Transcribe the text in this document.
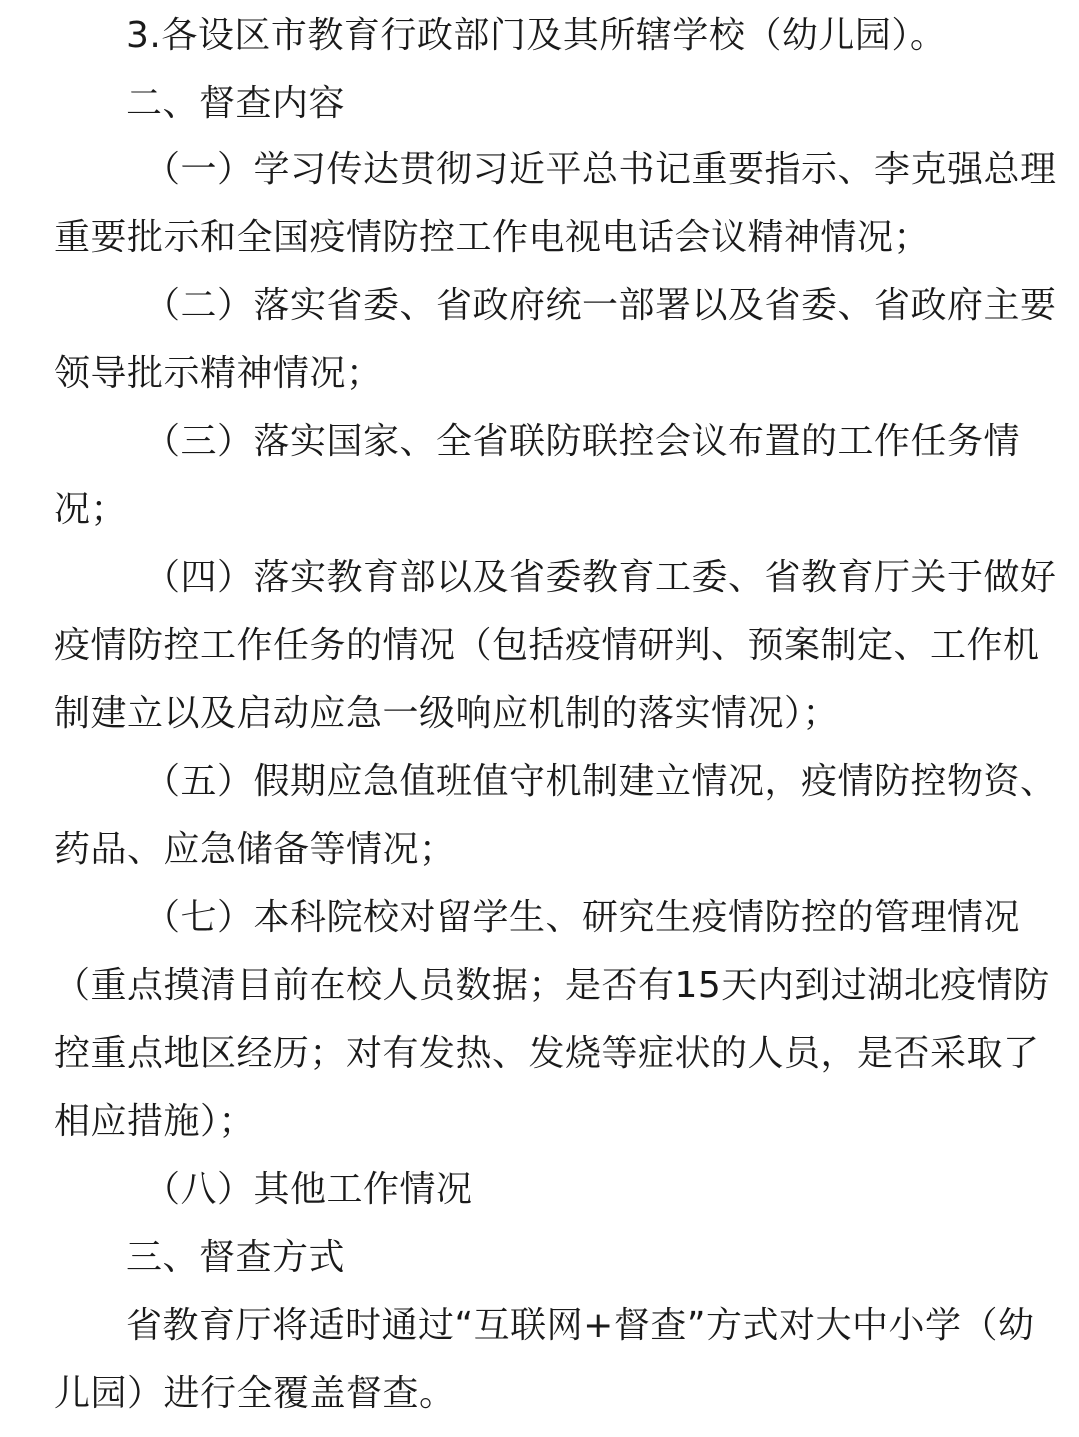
3.各设区市教育行政部门及其所辖学校（幼儿园）。
二、督查内容
（一）学习传达贯彻习近平总书记重要指示、李克强总理
重要批示和全国疫情防控工作电视电话会议精神情况；
（二）落实省委、省政府统一部署以及省委、省政府主要
领导批示精神情况；
（三）落实国家、全省联防联控会议布置的工作任务情
况；
（四）落实教育部以及省委教育工委、省教育厅关于做好
疫情防控工作任务的情况（包括疫情研判、预案制定、工作机
制建立以及启动应急一级响应机制的落实情况）；
（五）假期应急值班值守机制建立情况，疫情防控物资、
药品、应急储备等情况；
（七）本科院校对留学生、研究生疫情防控的管理情况
（重点摸清目前在校人员数据；是否有15天内到过湖北疫情防
控重点地区经历；对有发热、发烧等症状的人员，是否采取了
相应措施）；
（八）其他工作情况
三、督查方式
省教育厅将适时通过“互联网+督查”方式对大中小学（幼
儿园）进行全覆盖督查。
